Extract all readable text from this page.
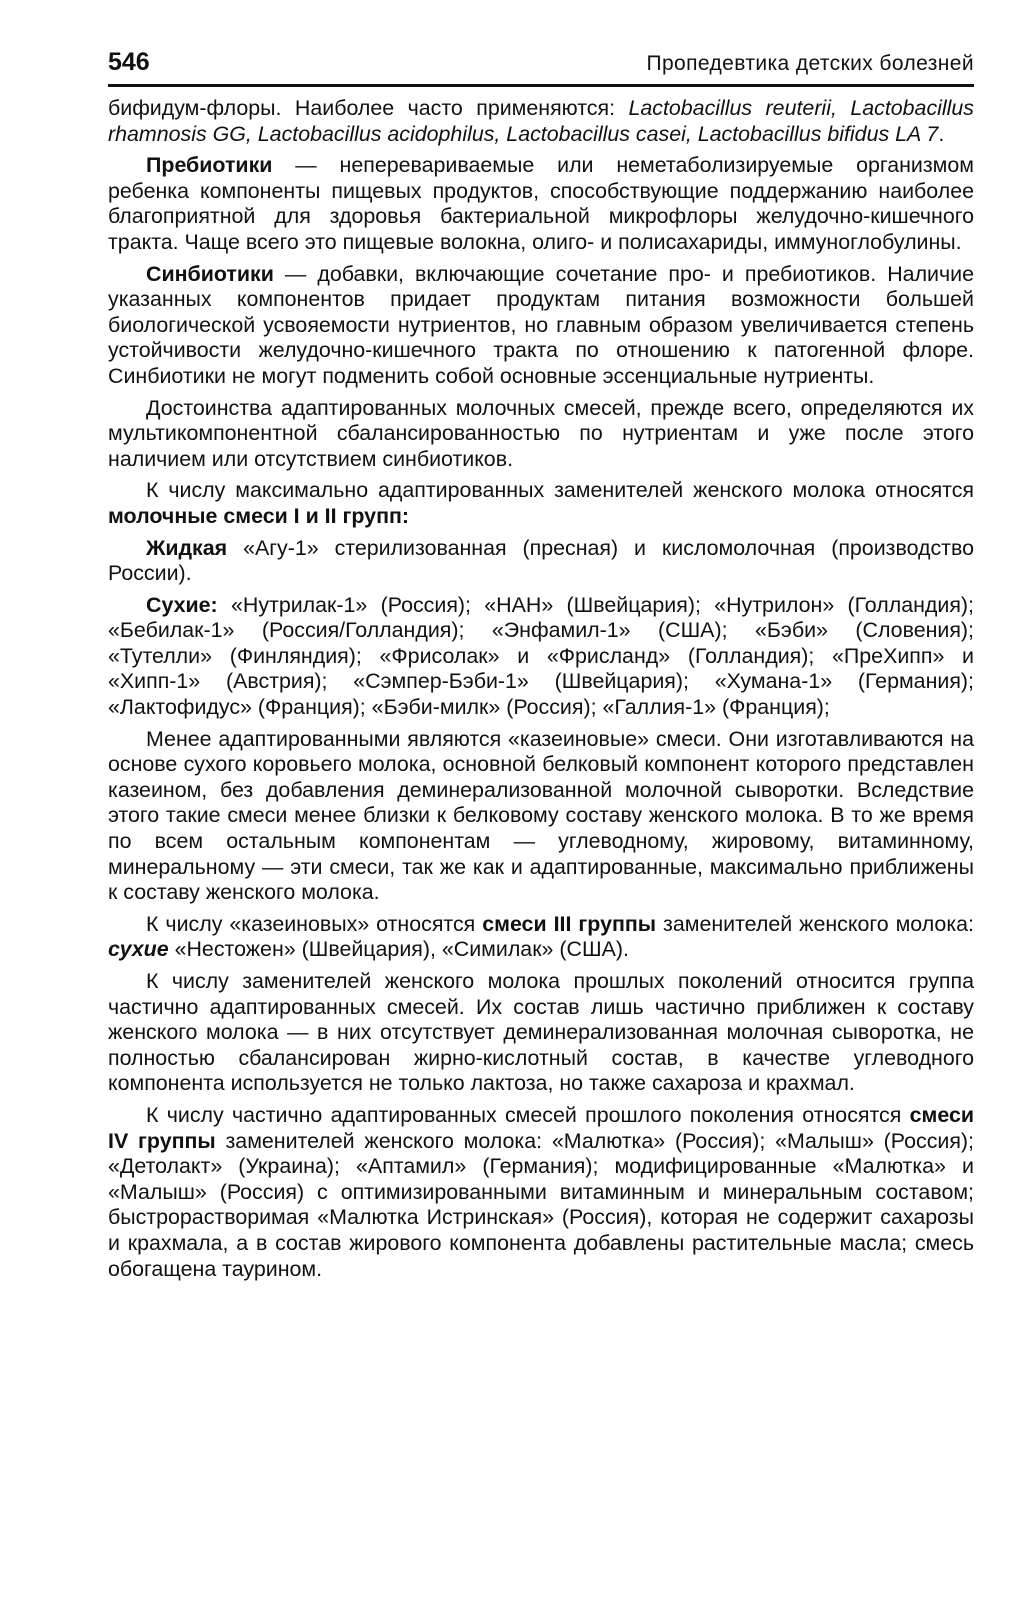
546	Пропедевтика детских болезней

бифидум-флоры. Наиболее часто применяются: Lactobacillus reuterii, Lactobacillus rhamnosis GG, Lactobacillus acidophilus, Lactobacillus casei, Lactobacillus bifidus LA 7.

Пребиотики — неперевариваемые или неметаболизируемые организмом ребенка компоненты пищевых продуктов, способствующие поддержанию наиболее благоприятной для здоровья бактериальной микрофлоры желудочно-кишечного тракта. Чаще всего это пищевые волокна, олиго- и полисахариды, иммуноглобулины.

Синбиотики — добавки, включающие сочетание про- и пребиотиков. Наличие указанных компонентов придает продуктам питания возможности большей биологической усвояемости нутриентов, но главным образом увеличивается степень устойчивости желудочно-кишечного тракта по отношению к патогенной флоре. Синбиотики не могут подменить собой основные эссенциальные нутриенты.

Достоинства адаптированных молочных смесей, прежде всего, определяются их мультикомпонентной сбалансированностью по нутриентам и уже после этого наличием или отсутствием синбиотиков.

К числу максимально адаптированных заменителей женского молока относятся молочные смеси I и II групп:

Жидкая «Агу-1» стерилизованная (пресная) и кисломолочная (производство России).

Сухие: «Нутрилак-1» (Россия); «НАН» (Швейцария); «Нутрилон» (Голландия); «Бебилак-1» (Россия/Голландия); «Энфамил-1» (США); «Бэби» (Словения); «Тутелли» (Финляндия); «Фрисолак» и «Фрисланд» (Голландия); «ПреХипп» и «Хипп-1» (Австрия); «Сэмпер-Бэби-1» (Швейцария); «Хумана-1» (Германия); «Лактофидус» (Франция); «Бэби-милк» (Россия); «Галлия-1» (Франция);

Менее адаптированными являются «казеиновые» смеси. Они изготавливаются на основе сухого коровьего молока, основной белковый компонент которого представлен казеином, без добавления деминерализованной молочной сыворотки. Вследствие этого такие смеси менее близки к белковому составу женского молока. В то же время по всем остальным компонентам — углеводному, жировому, витаминному, минеральному — эти смеси, так же как и адаптированные, максимально приближены к составу женского молока.

К числу «казеиновых» относятся смеси III группы заменителей женского молока: сухие «Нестожен» (Швейцария), «Симилак» (США).

К числу заменителей женского молока прошлых поколений относится группа частично адаптированных смесей. Их состав лишь частично приближен к составу женского молока — в них отсутствует деминерализованная молочная сыворотка, не полностью сбалансирован жирно-кислотный состав, в качестве углеводного компонента используется не только лактоза, но также сахароза и крахмал.

К числу частично адаптированных смесей прошлого поколения относятся смеси IV группы заменителей женского молока: «Малютка» (Россия); «Малыш» (Россия); «Детолакт» (Украина); «Аптамил» (Германия); модифицированные «Малютка» и «Малыш» (Россия) с оптимизированными витаминным и минеральным составом; быстрорастворимая «Малютка Истринская» (Россия), которая не содержит сахарозы и крахмала, а в состав жирового компонента добавлены растительные масла; смесь обогащена таурином.
